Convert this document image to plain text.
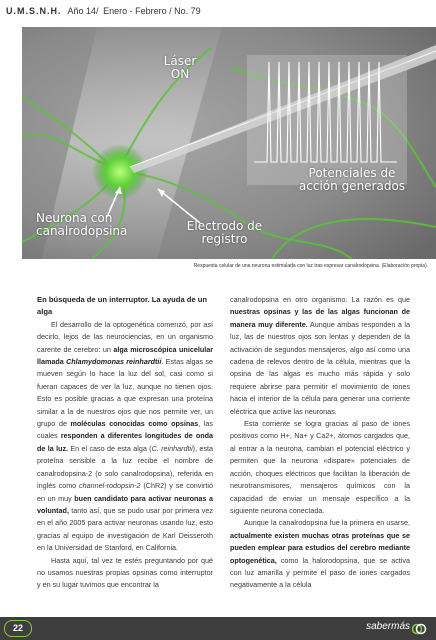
U.M.S.N.H. Año 14/ Enero - Febrero / No. 79
Láser
ON
Potenciales de
acción generados
Neurona con
canalrodopsina	Electrodo de
registro
Respuesta celular de una neurona estimulada con luz tras expresar canalrodopsina. (Elaboración propia).
En búsqueda de un interruptor. La ayuda de un alga

El desarrollo de la optogenética comenzó, por así decirlo, lejos de las neurociencias, en un organismo carente de cerebro: un alga microscópica unicelular llamada Chlamydomonas reinhardtii. Estas algas se mueven según lo hace la luz del sol, casi como si fueran capaces de ver la luz, aunque no tienen ojos. Esto es posible gracias a que expresan una proteína similar a la de nuestros ojos que nos permite ver, un grupo de moléculas conocidas como opsinas, las cuales responden a diferentes longitudes de onda de la luz. En el caso de esta alga (C. reinhardtii), esta proteína sensible a la luz recibe el nombre de canalrodopsina-2 (o solo canalrodopsina), referida en inglés como channel-rodopsin-2 (ChR2) y se convirtió en un muy buen candidato para activar neuronas a voluntad, tanto así, que se pudo usar por primera vez en el año 2005 para activar neuronas usando luz, esto gracias al equipo de investigación de Karl Deisseroth en la Universidad de Stanford, en California.

Hasta aquí, tal vez te estés preguntando por qué no usamos nuestras propias opsinas como interruptor y en su lugar tuvimos que encontrar la

canalrodopsina en otro organismo. La razón es que nuestras opsinas y las de las algas funcionan de manera muy diferente. Aunque ambas responden a la luz, las de nuestros ojos son lentas y dependen de la activación de segundos mensajeros, algo así como una cadena de relevos dentro de la célula, mientras que la opsina de las algas es mucho más rápida y solo requiere abrirse para permitir el movimiento de iones hacia el interior de la célula para generar una corriente eléctrica que active las neuronas.

Esta corriente se logra gracias al paso de iones positivos como H+, Na+ y Ca2+, átomos cargados que, al entrar a la neurona, cambian el potencial eléctrico y permiten que la neurona «dispare» potenciales de acción, choques eléctricos que facilitan la liberación de neurotransmisores, mensajeros químicos con la capacidad de enviar un mensaje específico a la siguiente neurona conectada.

Aunque la canalrodopsina fue la primera en usarse, actualmente existen muchas otras proteínas que se pueden emplear para estudios del cerebro mediante optogenética, como la halorodopsina, que se activa con luz amarilla y permite el paso de iones cargados negativamente a la célula

22	sabermás
